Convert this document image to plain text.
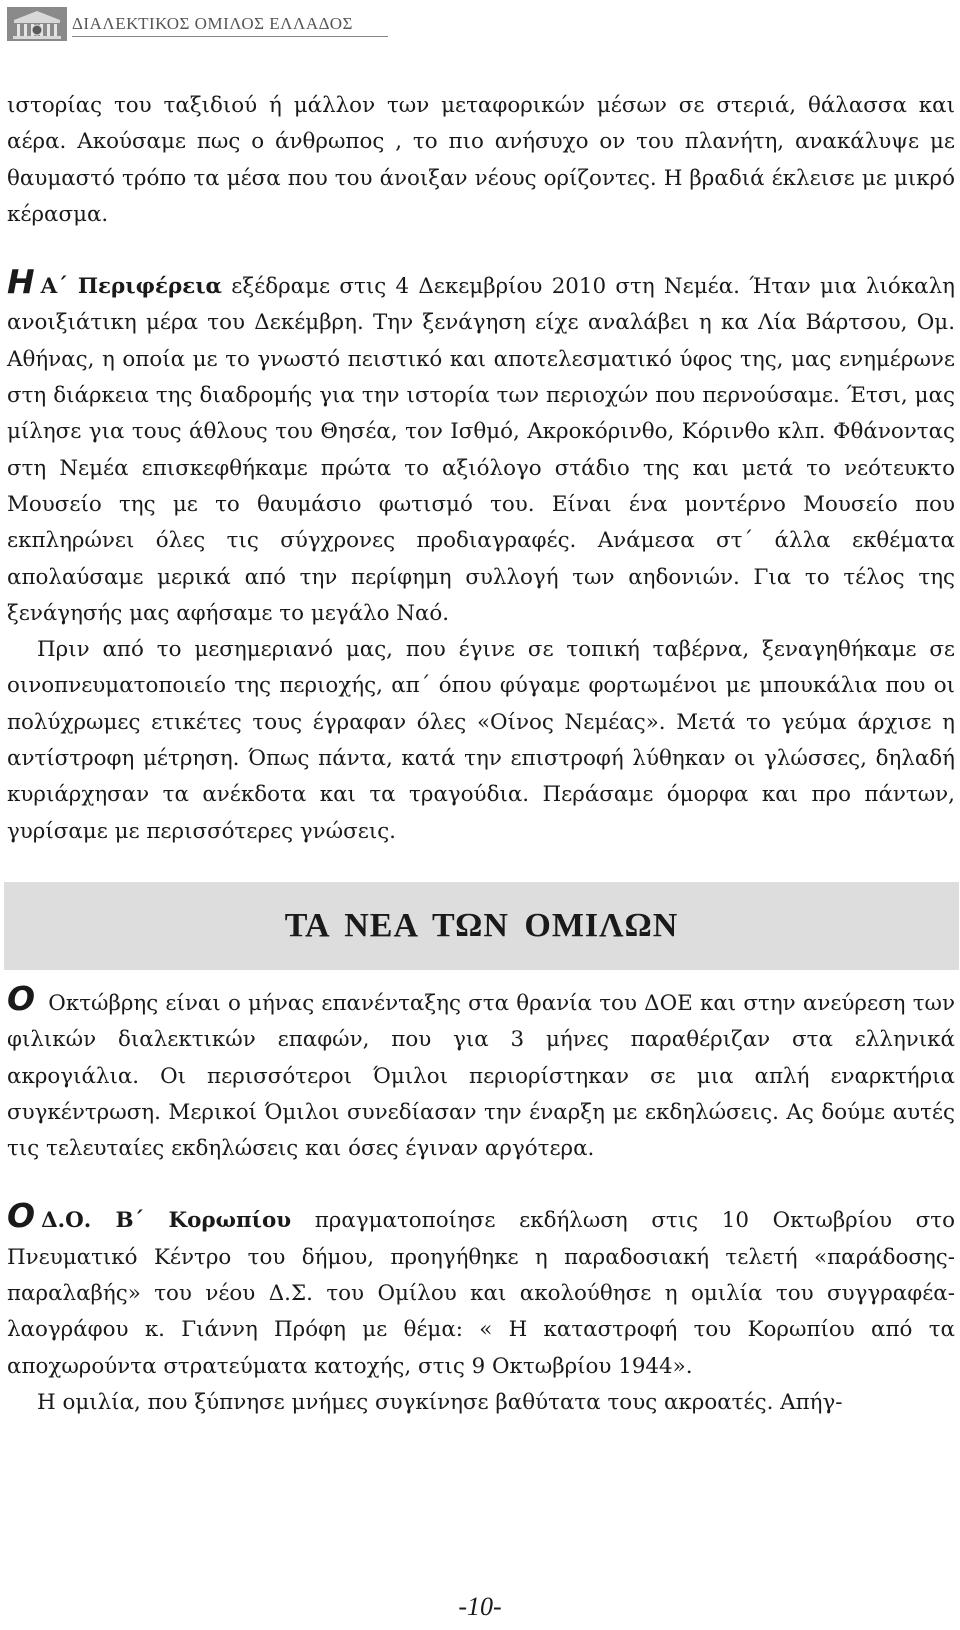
ΔΙΑΛΕΚΤΙΚΟΣ ΟΜΙΛΟΣ ΕΛΛΑΔΟΣ

ιστορίας του ταξιδιού ή μάλλον των μεταφορικών μέσων σε στεριά, θάλασσα και αέρα. Ακούσαμε πως ο άνθρωπος , το πιο ανήσυχο ον του πλανήτη, ανακάλυψε με θαυμαστό τρόπο τα μέσα που του άνοιξαν νέους ορίζοντες. Η βραδιά έκλεισε με μικρό κέρασμα.

Η Α΄ Περιφέρεια εξέδραμε στις 4 Δεκεμβρίου 2010 στη Νεμέα. Ήταν μια λιόκαλη ανοιξιάτικη μέρα του Δεκέμβρη. Την ξενάγηση είχε αναλάβει η κα Λία Βάρτσου, Ομ. Αθήνας, η οποία με το γνωστό πειστικό και αποτελεσματικό ύφος της, μας ενημέρωνε στη διάρκεια της διαδρομής για την ιστορία των περιοχών που περνούσαμε. Έτσι, μας μίλησε για τους άθλους του Θησέα, τον Ισθμό, Ακροκόρινθο, Κόρινθο κλπ. Φθάνοντας στη Νεμέα επισκεφθήκαμε πρώτα το αξιόλογο στάδιο της και μετά το νεότευκτο Μουσείο της με το θαυμάσιο φωτισμό του. Είναι ένα μοντέρνο Μουσείο που εκπληρώνει όλες τις σύγχρονες προδιαγραφές. Ανάμεσα στ΄ άλλα εκθέματα απολαύσαμε μερικά από την περίφημη συλλογή των αηδονιών. Για το τέλος της ξενάγησής μας αφήσαμε το μεγάλο Ναό.

Πριν από το μεσημεριανό μας, που έγινε σε τοπική ταβέρνα, ξεναγηθήκαμε σε οινοπνευματοποιείο της περιοχής, απ΄ όπου φύγαμε φορτωμένοι με μπουκάλια που οι πολύχρωμες ετικέτες τους έγραφαν όλες «Οίνος Νεμέας». Μετά το γεύμα άρχισε η αντίστροφη μέτρηση. Όπως πάντα, κατά την επιστροφή λύθηκαν οι γλώσσες, δηλαδή κυριάρχησαν τα ανέκδοτα και τα τραγούδια. Περάσαμε όμορφα και προ πάντων, γυρίσαμε με περισσότερες γνώσεις.

ΤΑ ΝΕΑ ΤΩΝ ΟΜΙΛΩΝ

Ο Οκτώβρης είναι ο μήνας επανένταξης στα θρανία του ΔΟΕ και στην ανεύρεση των φιλικών διαλεκτικών επαφών, που για 3 μήνες παραθέριζαν στα ελληνικά ακρογιάλια. Οι περισσότεροι Όμιλοι περιορίστηκαν σε μια απλή εναρκτήρια συγκέντρωση. Μερικοί Όμιλοι συνεδίασαν την έναρξη με εκδηλώσεις. Ας δούμε αυτές τις τελευταίες εκδηλώσεις και όσες έγιναν αργότερα.

Ο Δ.Ο. Β΄ Κορωπίου πραγματοποίησε εκδήλωση στις 10 Οκτωβρίου στο Πνευματικό Κέντρο του δήμου, προηγήθηκε η παραδοσιακή τελετή «παράδοσης-παραλαβής» του νέου Δ.Σ. του Ομίλου και ακολούθησε η ομιλία του συγγραφέα-λαογράφου κ. Γιάννη Πρόφη με θέμα: « Η καταστροφή του Κορωπίου από τα αποχωρούντα στρατεύματα κατοχής, στις 9 Οκτωβρίου 1944».

Η ομιλία, που ξύπνησε μνήμες συγκίνησε βαθύτατα τους ακροατές. Απήγ-

-10-
